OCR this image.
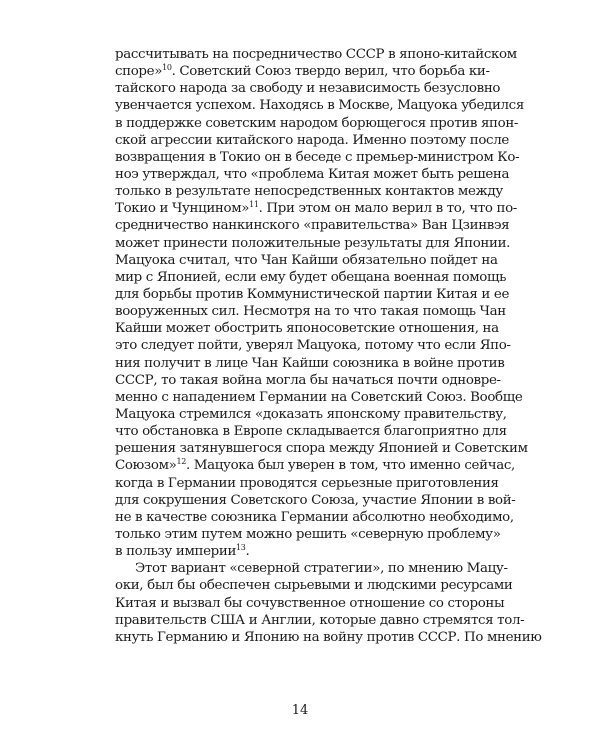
рассчитывать на посредничество СССР в японо-китайском
споре»$^{10}$. Советский Союз твердо верил, что борьба ки-
тайского народа за свободу и независимость безусловно
увенчается успехом. Находясь в Москве, Мацуока убедился
в поддержке советским народом борющегося против япон-
ской агрессии китайского народа. Именно поэтому после
возвращения в Токио он в беседе с премьер-министром Ко-
ноэ утверждал, что «проблема Китая может быть решена
только в результате непосредственных контактов между
Токио и Чунцином»$^{11}$. При этом он мало верил в то, что по-
средничество нанкинского «правительства» Ван Цзинвэя
может принести положительные результаты для Японии.
Мацуока считал, что Чан Кайши обязательно пойдет на
мир с Японией, если ему будет обещана военная помощь
для борьбы против Коммунистической партии Китая и ее
вооруженных сил. Несмотря на то что такая помощь Чан
Кайши может обострить японосоветские отношения, на
это следует пойти, уверял Мацуока, потому что если Япо-
ния получит в лице Чан Кайши союзника в войне против
СССР, то такая война могла бы начаться почти одновре-
менно с нападением Германии на Советский Союз. Вообще
Мацуока стремился «доказать японскому правительству,
что обстановка в Европе складывается благоприятно для
решения затянувшегося спора между Японией и Советским
Союзом»$^{12}$. Мацуока был уверен в том, что именно сейчас,
когда в Германии проводятся серьезные приготовления
для сокрушения Советского Союза, участие Японии в вой-
не в качестве союзника Германии абсолютно необходимо,
только этим путем можно решить «северную проблему»
в пользу империи$^{13}$.
Этот вариант «северной стратегии», по мнению Мацу-
оки, был бы обеспечен сырьевыми и людскими ресурсами
Китая и вызвал бы сочувственное отношение со стороны
правительств США и Англии, которые давно стремятся тол-
кнуть Германию и Японию на войну против СССР. По мнению
14
